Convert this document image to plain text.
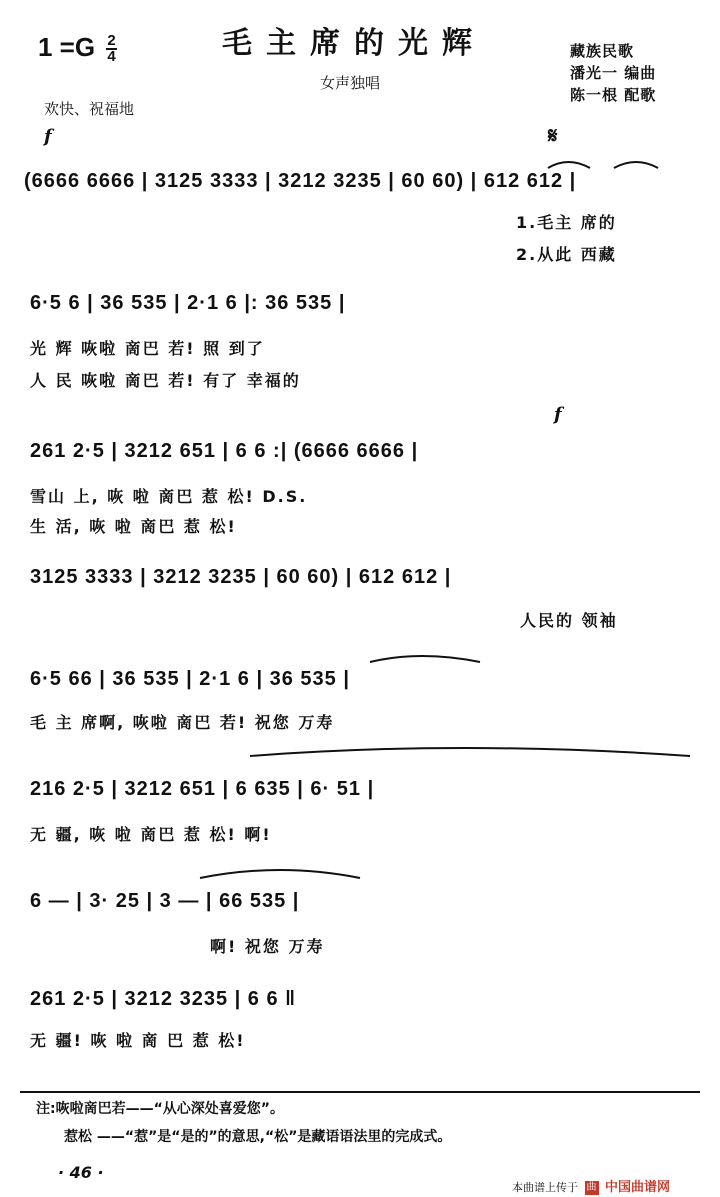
$1 =G \frac{2}{4}$	毛主席的光辉
女声独唱
欢快、祝福地
藏族民歌
潘光一 编曲
陈一根 配歌
f	𝄋
(6666 6666 | 3125 3333 | 3212 3235 | 60 60) | 612 612 |
1.毛主 席的
2.从此 西藏
6·5 6 | 36 535 | 2·1 6 |: 36 535 |
光 辉 咴啦 啇巴 若! 照 到了
人 民 咴啦 啇巴 若! 有了 幸福的
f
261 2·5 | 3212 651 | 6 6 :| (6666 6666 |
雪山 上, 咴 啦 啇巴 惹 松! D.S.
生 活, 咴 啦 啇巴 惹 松!
3125 3333 | 3212 3235 | 60 60) | 612 612 |
人民的 领袖
6·5 66 | 36 535 | 2·1 6 | 36 535 |
毛 主 席啊, 咴啦 啇巴 若! 祝您 万寿
216 2·5 | 3212 651 | 6 635 | 6· 51 |
无 疆, 咴 啦 啇巴 惹 松! 啊!
6 — | 3· 25 | 3 — | 66 535 |
啊! 祝您 万寿
261 2·5 | 3212 3235 | 6 6 ‖
无 疆! 咴 啦 啇 巴 惹 松!
注:咴啦啇巴若——“从心深处喜爱您”。
惹松 ——“惹”是“是的”的意思,“松”是藏语语法里的完成式。
· 46 ·
本曲谱上传于 曲 中国曲谱网
